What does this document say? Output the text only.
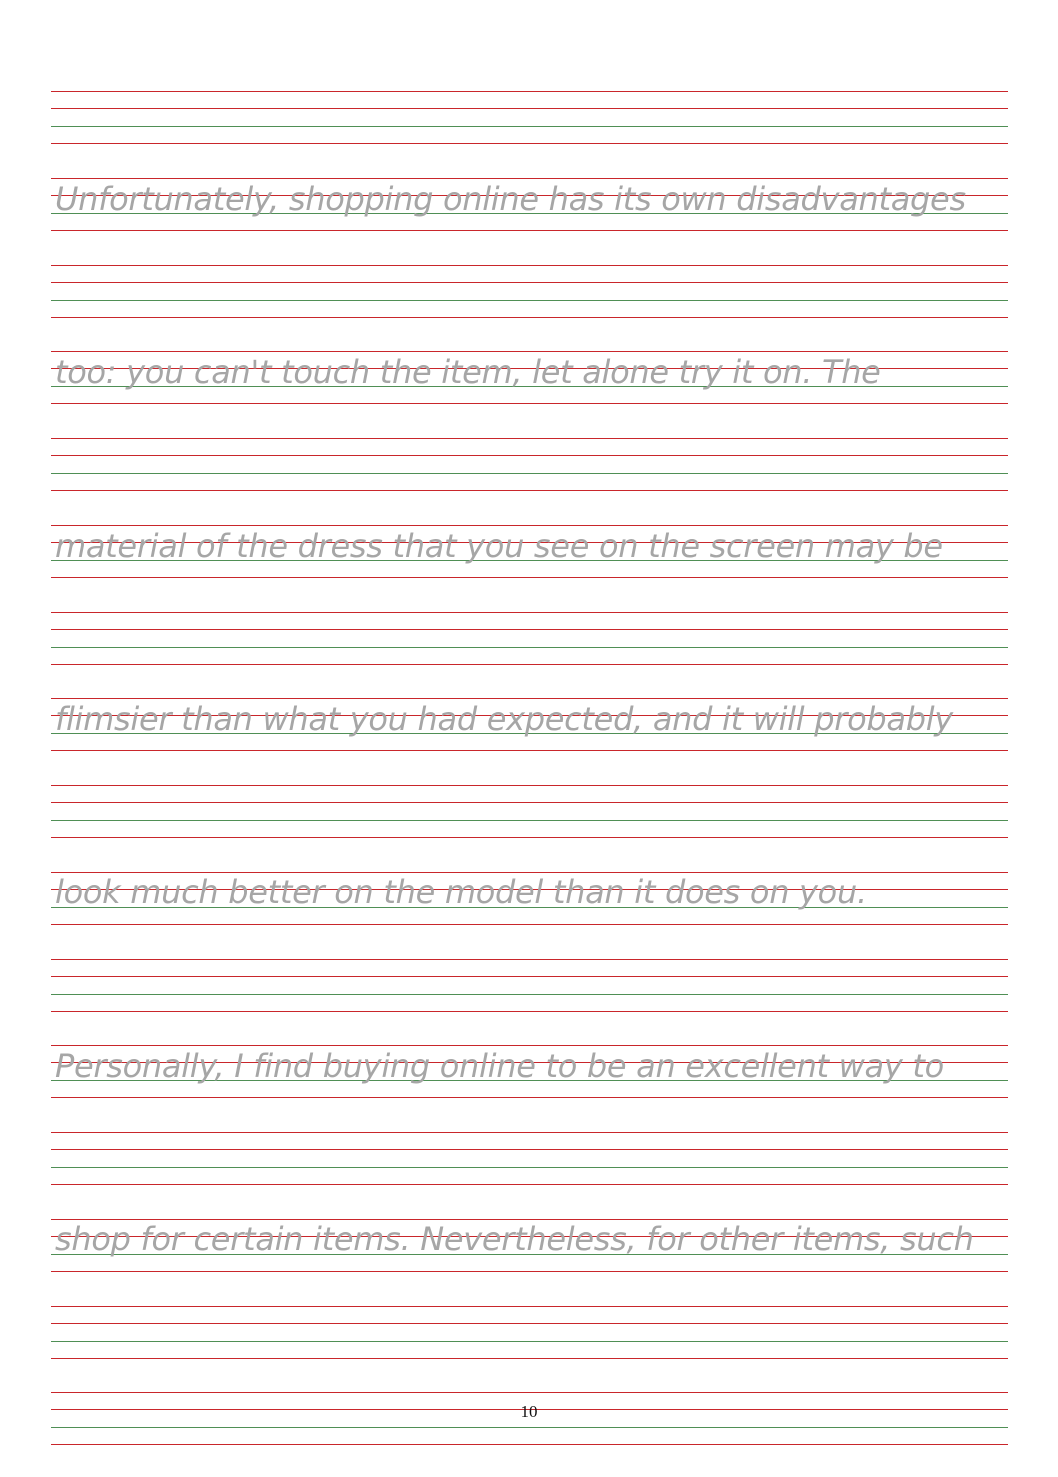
Unfortunately, shopping online has its own disadvantages
too: you can't touch the item, let alone try it on. The
material of the dress that you see on the screen may be
flimsier than what you had expected, and it will probably
look much better on the model than it does on you.
Personally, I find buying online to be an excellent way to
shop for certain items. Nevertheless, for other items, such
10
